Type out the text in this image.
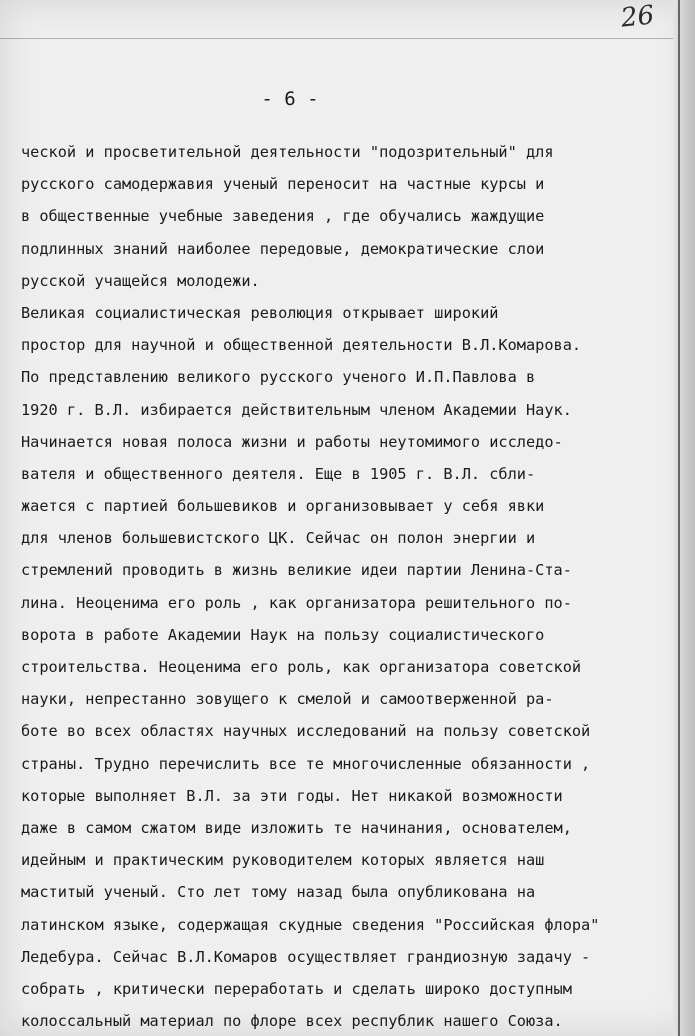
26
- 6 -
ческой и просветительной деятельности "подозрительный" для
русского самодержавия ученый переносит на частные курсы и
в общественные учебные заведения , где обучались жаждущие
подлинных знаний наиболее передовые, демократические слои
русской учащейся молодежи.
Великая социалистическая революция открывает широкий
простор для научной и общественной деятельности В.Л.Комарова.
По представлению великого русского ученого И.П.Павлова в
1920 г. В.Л. избирается действительным членом Академии Наук.
Начинается новая полоса жизни и работы неутомимого исследо-
вателя и общественного деятеля. Еще в 1905 г. В.Л. сбли-
жается с партией большевиков и организовывает у себя явки
для членов большевистского ЦК. Сейчас он полон энергии и
стремлений проводить в жизнь великие идеи партии Ленина-Ста-
лина. Неоценима его роль , как организатора решительного по-
ворота в работе Академии Наук на пользу социалистического
строительства. Неоценима его роль, как организатора советской
науки, непрестанно зовущего к смелой и самоотверженной ра-
боте во всех областях научных исследований на пользу советской
страны. Трудно перечислить все те многочисленные обязанности ,
которые выполняет В.Л. за эти годы. Нет никакой возможности
даже в самом сжатом виде изложить те начинания, основателем,
идейным и практическим руководителем которых является наш
маститый ученый. Сто лет тому назад была опубликована на
латинском языке, содержащая скудные сведения "Российская флора"
Ледебура. Сейчас В.Л.Комаров осуществляет грандиозную задачу -
собрать , критически переработать и сделать широко доступным
колоссальный материал по флоре всех республик нашего Союза.
